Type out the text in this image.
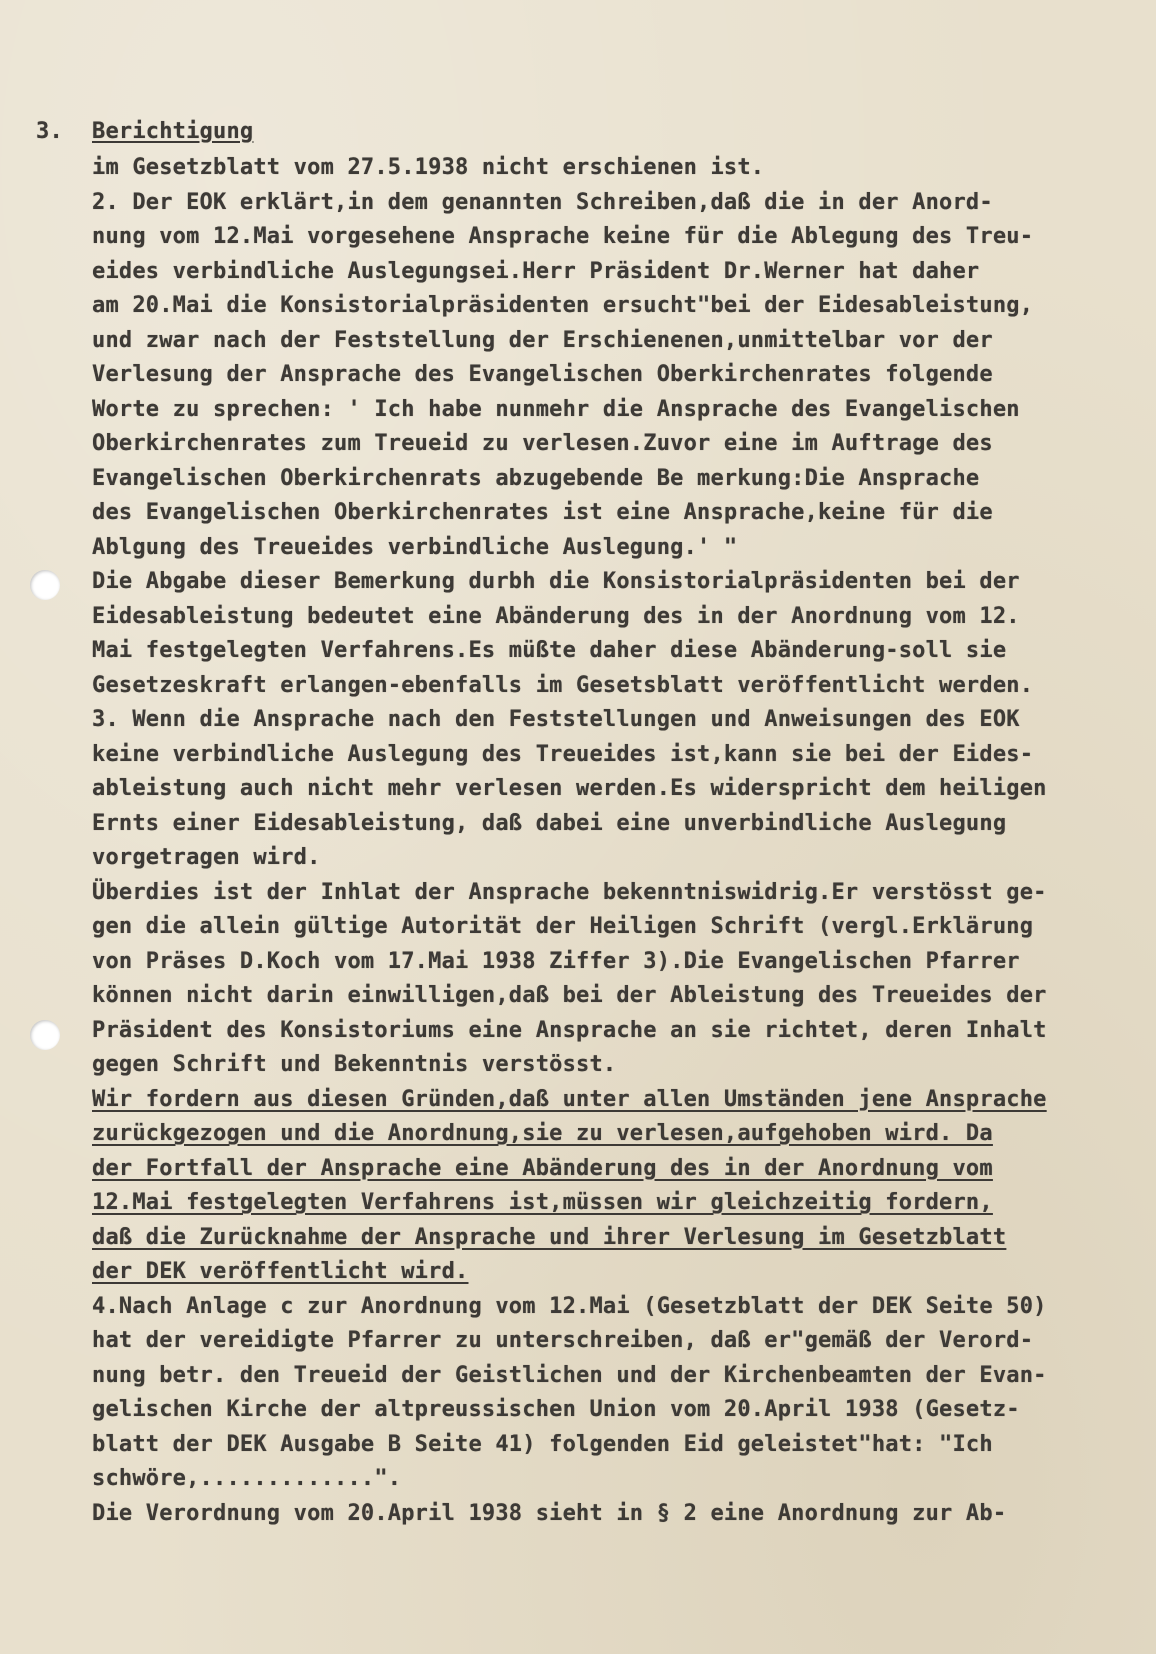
3. Berichtigung
im Gesetzblatt vom 27.5.1938 nicht erschienen ist.
2. Der EOK erklärt,in dem genannten Schreiben,daß die in der Anord-
nung vom 12.Mai vorgesehene Ansprache keine für die Ablegung des Treu-
eides verbindliche Auslegungsei.Herr Präsident Dr.Werner hat daher
am 20.Mai die Konsistorialpräsidenten ersucht"bei der Eidesableistung,
und zwar nach der Feststellung der Erschienenen,unmittelbar vor der
Verlesung der Ansprache des Evangelischen Oberkirchenrates folgende
Worte zu sprechen: ' Ich habe nunmehr die Ansprache des Evangelischen
Oberkirchenrates zum Treueid zu verlesen.Zuvor eine im Auftrage des
Evangelischen Oberkirchenrats abzugebende Be merkung:Die Ansprache
des Evangelischen Oberkirchenrates ist eine Ansprache,keine für die
Ablgung des Treueides verbindliche Auslegung.' "
Die Abgabe dieser Bemerkung durbh die Konsistorialpräsidenten bei der
Eidesableistung bedeutet eine Abänderung des in der Anordnung vom 12.
Mai festgelegten Verfahrens.Es müßte daher diese Abänderung-soll sie
Gesetzeskraft erlangen-ebenfalls im Gesetsblatt veröffentlicht werden.
3. Wenn die Ansprache nach den Feststellungen und Anweisungen des EOK
keine verbindliche Auslegung des Treueides ist,kann sie bei der Eides-
ableistung auch nicht mehr verlesen werden.Es widerspricht dem heiligen
Ernts einer Eidesableistung, daß dabei eine unverbindliche Auslegung
vorgetragen wird.
Überdies ist der Inhlat der Ansprache bekenntniswidrig.Er verstösst ge-
gen die allein gültige Autorität der Heiligen Schrift (vergl.Erklärung
von Präses D.Koch vom 17.Mai 1938 Ziffer 3).Die Evangelischen Pfarrer
können nicht darin einwilligen,daß bei der Ableistung des Treueides der
Präsident des Konsistoriums eine Ansprache an sie richtet, deren Inhalt
gegen Schrift und Bekenntnis verstösst.
Wir fordern aus diesen Gründen,daß unter allen Umständen jene Ansprache
zurückgezogen und die Anordnung,sie zu verlesen,aufgehoben wird. Da
der Fortfall der Ansprache eine Abänderung des in der Anordnung vom
12.Mai festgelegten Verfahrens ist,müssen wir gleichzeitig fordern,
daß die Zurücknahme der Ansprache und ihrer Verlesung im Gesetzblatt
der DEK veröffentlicht wird.
4.Nach Anlage c zur Anordnung vom 12.Mai (Gesetzblatt der DEK Seite 50)
hat der vereidigte Pfarrer zu unterschreiben, daß er"gemäß der Verord-
nung betr. den Treueid der Geistlichen und der Kirchenbeamten der Evan-
gelischen Kirche der altpreussischen Union vom 20.April 1938 (Gesetz-
blatt der DEK Ausgabe B Seite 41) folgenden Eid geleistet"hat: "Ich
schwöre,.............".
Die Verordnung vom 20.April 1938 sieht in § 2 eine Anordnung zur Ab-
